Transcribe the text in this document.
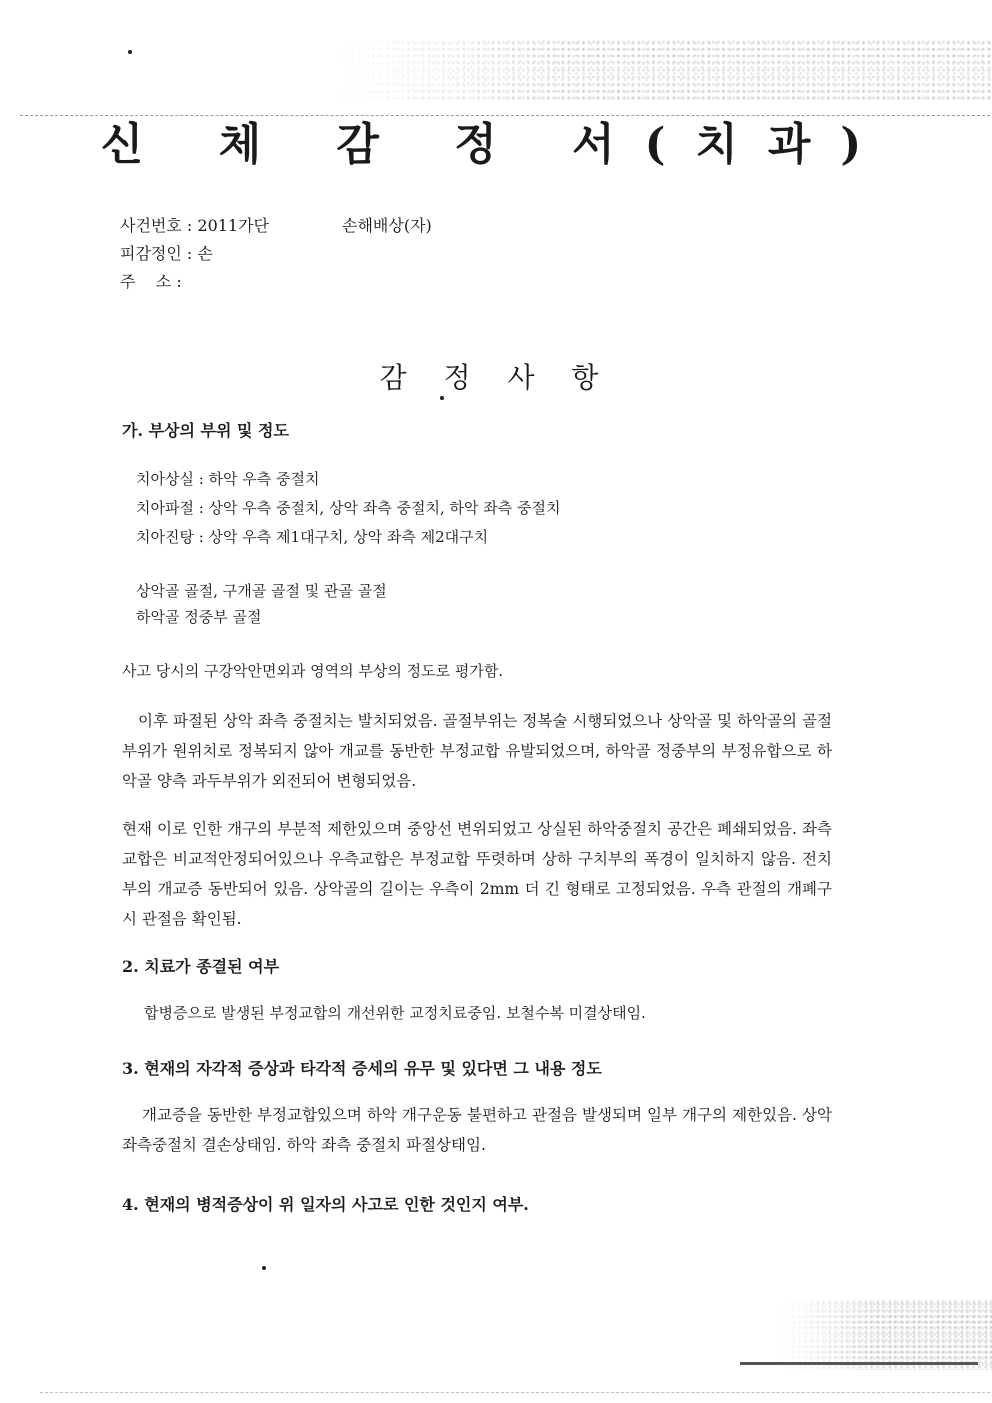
신 체 감 정 서(치과)
사건번호 : 2011가단	손해배상(자)
피감정인 : 손
주    소 :
감 정 사 항
가. 부상의 부위 및 정도

치아상실 : 하악 우측 중절치

치아파절 : 상악 우측 중절치, 상악 좌측 중절치, 하악 좌측 중절치

치아진탕 : 상악 우측 제1대구치, 상악 좌측 제2대구치

상악골 골절, 구개골 골절 및 관골 골절

하악골 정중부 골절

사고 당시의 구강악안면외과 영역의 부상의 정도로 평가함.

이후 파절된 상악 좌측 중절치는 발치되었음. 골절부위는 정복술 시행되었으나 상악골 및 하악골의 골절부위가 원위치로 정복되지 않아 개교를 동반한 부정교합 유발되었으며, 하악골 정중부의 부정유합으로 하악골 양측 과두부위가 외전되어 변형되었음.

현재 이로 인한 개구의 부분적 제한있으며 중앙선 변위되었고 상실된 하악중절치 공간은 폐쇄되었음. 좌측교합은 비교적안정되어있으나 우측교합은 부정교합 뚜렷하며 상하 구치부의 폭경이 일치하지 않음. 전치부의 개교증 동반되어 있음. 상악골의 길이는 우측이 2mm 더 긴 형태로 고정되었음. 우측 관절의 개폐구시 관절음 확인됨.

2. 치료가 종결된 여부

합병증으로 발생된 부정교합의 개선위한 교정치료중임. 보철수복 미결상태임.

3. 현재의 자각적 증상과 타각적 증세의 유무 및 있다면 그 내용 정도

개교증을 동반한 부정교합있으며 하악 개구운동 불편하고 관절음 발생되며 일부 개구의 제한있음. 상악 좌측중절치 결손상태임. 하악 좌측 중절치 파절상태임.

4. 현재의 병적증상이 위 일자의 사고로 인한 것인지 여부.
